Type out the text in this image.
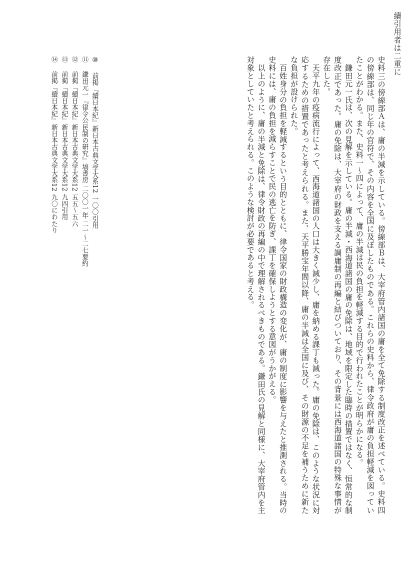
續引用者は二重に

史料三の傍線部Ａは、庸の半減を示している。傍線部Ｂは、大宰府管内諸国の庸を全て免除する制度改正を述べている。史料四の傍線部は、同じ年の官符で、その内容を全国に及ぼしたものである。これらの史料から、律令政府が庸の負担軽減を図っていたことがわかる。また、史料一〜四によって、庸の半減は民の負担を軽減する目的で行われたことが明らかになる。

鎌田元一氏は、次の見解を示している。庸の半減・西海道諸国の庸の免除は、地域を限定した臨時の措置ではなく、恒常的な制度改正であった。庸の免除は、大宰府の財政を支える調庸制の再編と結びついており、その背景には西海道諸国の特殊な事情が存在した。

天平九年の疫病流行によって、西海道諸国の人口は大きく減少し、庸を納める課丁も減った。庸の免除は、このような状況に対応するための措置であったと考えられる。また、天平勝宝年間以降、庸の半減は全国に及び、その財源の不足を補うために新たな負担が設けられた。

百姓身分の負担を軽減するという目的とともに、律令国家の財政構造の変化が、庸の制度に影響を与えたと推測される。当時の史料には、庸の負担を減らすことで民の逃亡を防ぎ、課丁を確保しようとする意図がうかがえる。

以上のように、庸の半減と免除は、律令財政の再編の中で理解されるべきものである。鎌田氏の見解と同様に、大宰府管内を主対象としていたと考えられる。このような検討が必要であると考える。

⑩ 前掲『續日本紀』新日本古典文学大系12 一〇〇引用
⑪ 鎌田元一『律令公民制の研究』塙書房 二〇〇一年 二一〜二七要約
⑫ 前掲『續日本紀』新日本古典文学大系12 五五〜五六
⑬ 前掲『續日本紀』新日本古典文学大系12 九四引用
⑭ 前掲『續日本紀』新日本古典文学大系12 九〇にわたり
